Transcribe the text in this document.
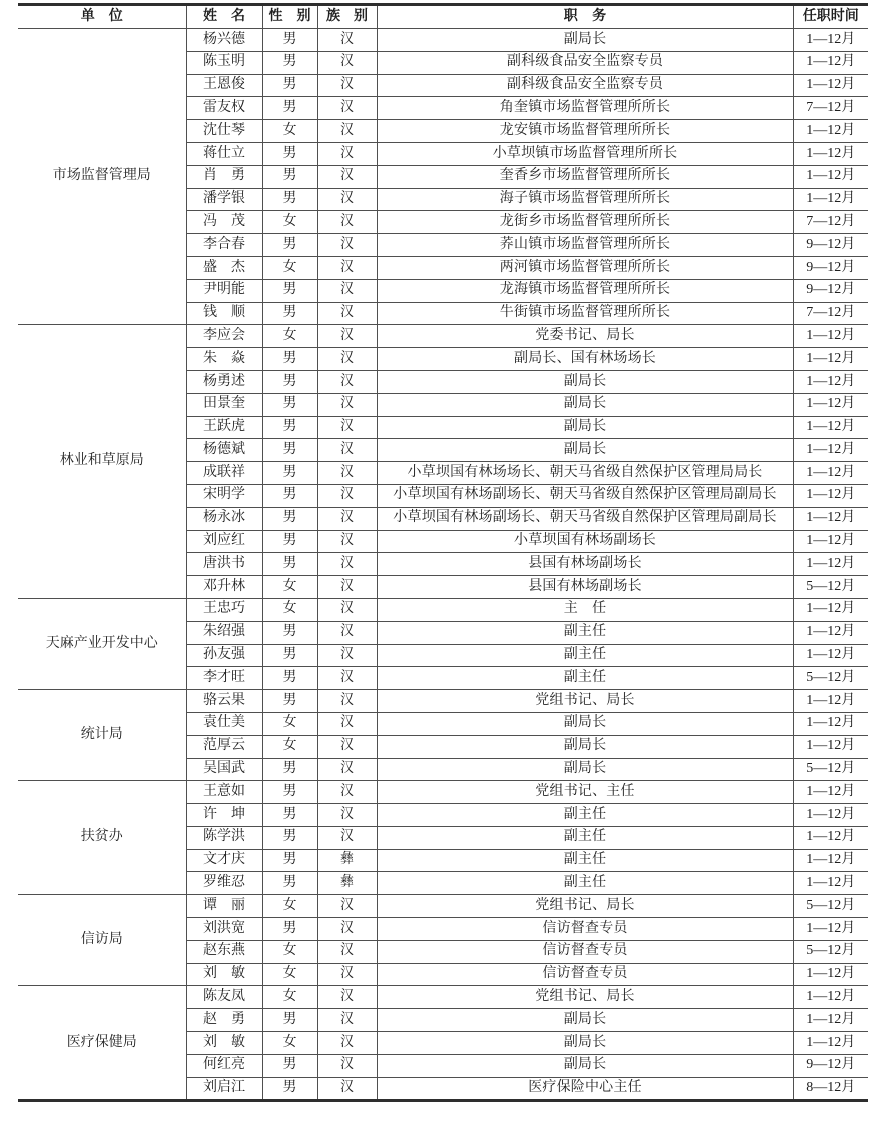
单　位	姓　名	性　别	族　别	职　务	任职时间
市场监督管理局	杨兴德	男	汉	副局长	1—12月
	陈玉明	男	汉	副科级食品安全监察专员	1—12月
	王恩俊	男	汉	副科级食品安全监察专员	1—12月
	雷友权	男	汉	角奎镇市场监督管理所所长	7—12月
	沈仕琴	女	汉	龙安镇市场监督管理所所长	1—12月
	蒋仕立	男	汉	小草坝镇市场监督管理所所长	1—12月
	肖　勇	男	汉	奎香乡市场监督管理所所长	1—12月
	潘学银	男	汉	海子镇市场监督管理所所长	1—12月
	冯　茂	女	汉	龙街乡市场监督管理所所长	7—12月
	李合春	男	汉	荞山镇市场监督管理所所长	9—12月
	盛　杰	女	汉	两河镇市场监督管理所所长	9—12月
	尹明能	男	汉	龙海镇市场监督管理所所长	9—12月
	钱　顺	男	汉	牛街镇市场监督管理所所长	7—12月
林业和草原局	李应会	女	汉	党委书记、局长	1—12月
	朱　焱	男	汉	副局长、国有林场场长	1—12月
	杨勇述	男	汉	副局长	1—12月
	田景奎	男	汉	副局长	1—12月
	王跃虎	男	汉	副局长	1—12月
	杨德斌	男	汉	副局长	1—12月
	成联祥	男	汉	小草坝国有林场场长、朝天马省级自然保护区管理局局长	1—12月
	宋明学	男	汉	小草坝国有林场副场长、朝天马省级自然保护区管理局副局长	1—12月
	杨永冰	男	汉	小草坝国有林场副场长、朝天马省级自然保护区管理局副局长	1—12月
	刘应红	男	汉	小草坝国有林场副场长	1—12月
	唐洪书	男	汉	县国有林场副场长	1—12月
	邓升林	女	汉	县国有林场副场长	5—12月
天麻产业开发中心	王忠巧	女	汉	主　任	1—12月
	朱绍强	男	汉	副主任	1—12月
	孙友强	男	汉	副主任	1—12月
	李才旺	男	汉	副主任	5—12月
统计局	骆云果	男	汉	党组书记、局长	1—12月
	袁仕美	女	汉	副局长	1—12月
	范厚云	女	汉	副局长	1—12月
	吴国武	男	汉	副局长	5—12月
扶贫办	王意如	男	汉	党组书记、主任	1—12月
	许　坤	男	汉	副主任	1—12月
	陈学洪	男	汉	副主任	1—12月
	文才庆	男	彝	副主任	1—12月
	罗维忍	男	彝	副主任	1—12月
信访局	谭　丽	女	汉	党组书记、局长	5—12月
	刘洪宽	男	汉	信访督查专员	1—12月
	赵东燕	女	汉	信访督查专员	5—12月
	刘　敏	女	汉	信访督查专员	1—12月
医疗保健局	陈友凤	女	汉	党组书记、局长	1—12月
	赵　勇	男	汉	副局长	1—12月
	刘　敏	女	汉	副局长	1—12月
	何红亮	男	汉	副局长	9—12月
	刘启江	男	汉	医疗保险中心主任	8—12月
